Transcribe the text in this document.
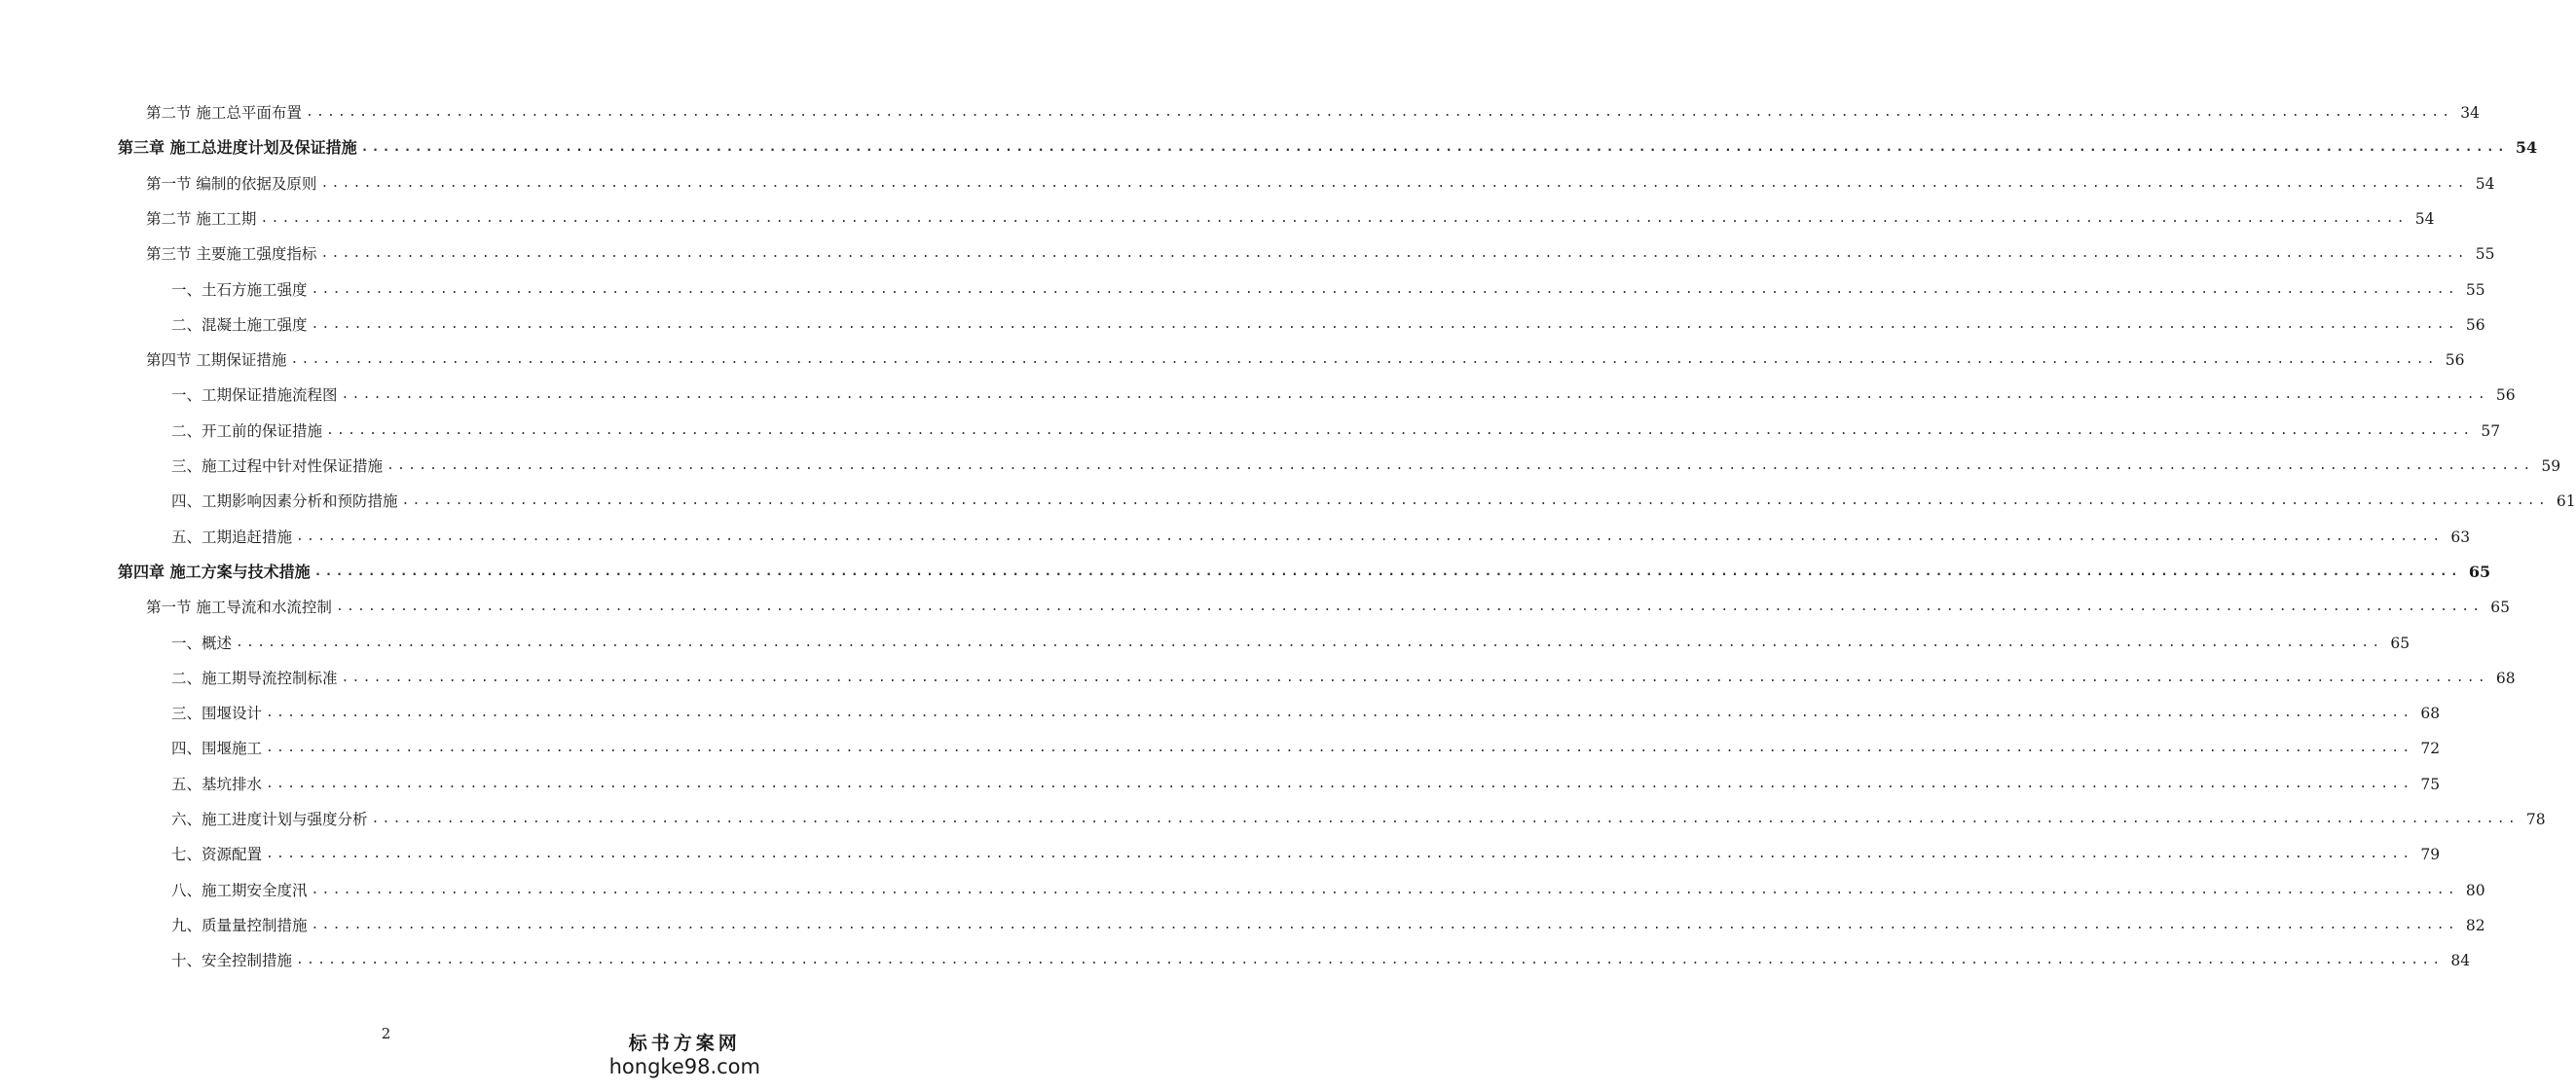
第二节 施工总平面布置 ........................................................................................................................................................................................................ 34
第三章 施工总进度计划及保证措施 ........................................................................................................................................................................................................ 54
第一节 编制的依据及原则 ........................................................................................................................................................................................................ 54
第二节 施工工期 ........................................................................................................................................................................................................ 54
第三节 主要施工强度指标 ........................................................................................................................................................................................................ 55
一、土石方施工强度 ........................................................................................................................................................................................................ 55
二、混凝土施工强度 ........................................................................................................................................................................................................ 56
第四节 工期保证措施 ........................................................................................................................................................................................................ 56
一、工期保证措施流程图 ........................................................................................................................................................................................................ 56
二、开工前的保证措施 ........................................................................................................................................................................................................ 57
三、施工过程中针对性保证措施 ........................................................................................................................................................................................................ 59
四、工期影响因素分析和预防措施 ........................................................................................................................................................................................................ 61
五、工期追赶措施 ........................................................................................................................................................................................................ 63
第四章 施工方案与技术措施 ........................................................................................................................................................................................................ 65
第一节 施工导流和水流控制 ........................................................................................................................................................................................................ 65
一、概述 ........................................................................................................................................................................................................ 65
二、施工期导流控制标准 ........................................................................................................................................................................................................ 68
三、围堰设计 ........................................................................................................................................................................................................ 68
四、围堰施工 ........................................................................................................................................................................................................ 72
五、基坑排水 ........................................................................................................................................................................................................ 75
六、施工进度计划与强度分析 ........................................................................................................................................................................................................ 78
七、资源配置 ........................................................................................................................................................................................................ 79
八、施工期安全度汛 ........................................................................................................................................................................................................ 80
九、质量量控制措施 ........................................................................................................................................................................................................ 82
十、安全控制措施 ........................................................................................................................................................................................................ 84
2	标书方案网
hongke98.com
